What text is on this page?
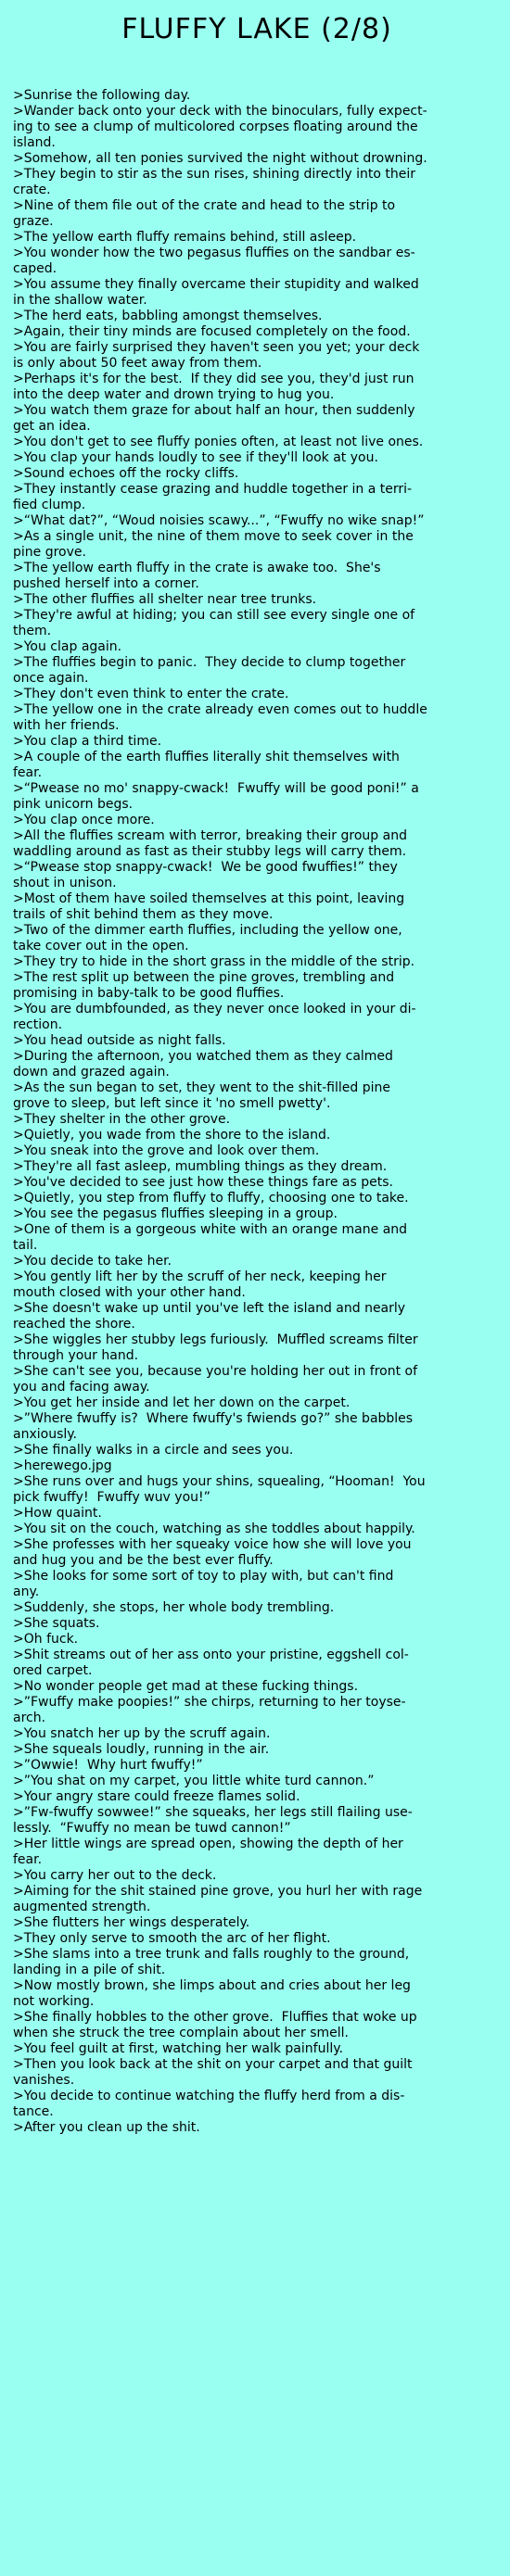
FLUFFY LAKE (2/8)
>Sunrise the following day.
>Wander back onto your deck with the binoculars, fully expect-
ing to see a clump of multicolored corpses floating around the
island.
>Somehow, all ten ponies survived the night without drowning.
>They begin to stir as the sun rises, shining directly into their
crate.
>Nine of them file out of the crate and head to the strip to
graze.
>The yellow earth fluffy remains behind, still asleep.
>You wonder how the two pegasus fluffies on the sandbar es-
caped.
>You assume they finally overcame their stupidity and walked
in the shallow water.
>The herd eats, babbling amongst themselves.
>Again, their tiny minds are focused completely on the food.
>You are fairly surprised they haven't seen you yet; your deck
is only about 50 feet away from them.
>Perhaps it's for the best.  If they did see you, they'd just run
into the deep water and drown trying to hug you.
>You watch them graze for about half an hour, then suddenly
get an idea.
>You don't get to see fluffy ponies often, at least not live ones.
>You clap your hands loudly to see if they'll look at you.
>Sound echoes off the rocky cliffs.
>They instantly cease grazing and huddle together in a terri-
fied clump.
>“What dat?”, “Woud noisies scawy...”, “Fwuffy no wike snap!”
>As a single unit, the nine of them move to seek cover in the
pine grove.
>The yellow earth fluffy in the crate is awake too.  She's
pushed herself into a corner.
>The other fluffies all shelter near tree trunks.
>They're awful at hiding; you can still see every single one of
them.
>You clap again.
>The fluffies begin to panic.  They decide to clump together
once again.
>They don't even think to enter the crate.
>The yellow one in the crate already even comes out to huddle
with her friends.
>You clap a third time.
>A couple of the earth fluffies literally shit themselves with
fear.
>“Pwease no mo' snappy-cwack!  Fwuffy will be good poni!” a
pink unicorn begs.
>You clap once more.
>All the fluffies scream with terror, breaking their group and
waddling around as fast as their stubby legs will carry them.
>“Pwease stop snappy-cwack!  We be good fwuffies!” they
shout in unison.
>Most of them have soiled themselves at this point, leaving
trails of shit behind them as they move.
>Two of the dimmer earth fluffies, including the yellow one,
take cover out in the open.
>They try to hide in the short grass in the middle of the strip.
>The rest split up between the pine groves, trembling and
promising in baby-talk to be good fluffies.
>You are dumbfounded, as they never once looked in your di-
rection.
>You head outside as night falls.
>During the afternoon, you watched them as they calmed
down and grazed again.
>As the sun began to set, they went to the shit-filled pine
grove to sleep, but left since it 'no smell pwetty'.
>They shelter in the other grove.
>Quietly, you wade from the shore to the island.
>You sneak into the grove and look over them.
>They're all fast asleep, mumbling things as they dream.
>You've decided to see just how these things fare as pets.
>Quietly, you step from fluffy to fluffy, choosing one to take.
>You see the pegasus fluffies sleeping in a group.
>One of them is a gorgeous white with an orange mane and
tail.
>You decide to take her.
>You gently lift her by the scruff of her neck, keeping her
mouth closed with your other hand.
>She doesn't wake up until you've left the island and nearly
reached the shore.
>She wiggles her stubby legs furiously.  Muffled screams filter
through your hand.
>She can't see you, because you're holding her out in front of
you and facing away.
>You get her inside and let her down on the carpet.
>”Where fwuffy is?  Where fwuffy's fwiends go?” she babbles
anxiously.
>She finally walks in a circle and sees you.
>herewego.jpg
>She runs over and hugs your shins, squealing, “Hooman!  You
pick fwuffy!  Fwuffy wuv you!”
>How quaint.
>You sit on the couch, watching as she toddles about happily.
>She professes with her squeaky voice how she will love you
and hug you and be the best ever fluffy.
>She looks for some sort of toy to play with, but can't find
any.
>Suddenly, she stops, her whole body trembling.
>She squats.
>Oh fuck.
>Shit streams out of her ass onto your pristine, eggshell col-
ored carpet.
>No wonder people get mad at these fucking things.
>”Fwuffy make poopies!” she chirps, returning to her toyse-
arch.
>You snatch her up by the scruff again.
>She squeals loudly, running in the air.
>”Owwie!  Why hurt fwuffy!”
>”You shat on my carpet, you little white turd cannon.”
>Your angry stare could freeze flames solid.
>”Fw-fwuffy sowwee!” she squeaks, her legs still flailing use-
lessly.  “Fwuffy no mean be tuwd cannon!”
>Her little wings are spread open, showing the depth of her
fear.
>You carry her out to the deck.
>Aiming for the shit stained pine grove, you hurl her with rage
augmented strength.
>She flutters her wings desperately.
>They only serve to smooth the arc of her flight.
>She slams into a tree trunk and falls roughly to the ground,
landing in a pile of shit.
>Now mostly brown, she limps about and cries about her leg
not working.
>She finally hobbles to the other grove.  Fluffies that woke up
when she struck the tree complain about her smell.
>You feel guilt at first, watching her walk painfully.
>Then you look back at the shit on your carpet and that guilt
vanishes.
>You decide to continue watching the fluffy herd from a dis-
tance.
>After you clean up the shit.
